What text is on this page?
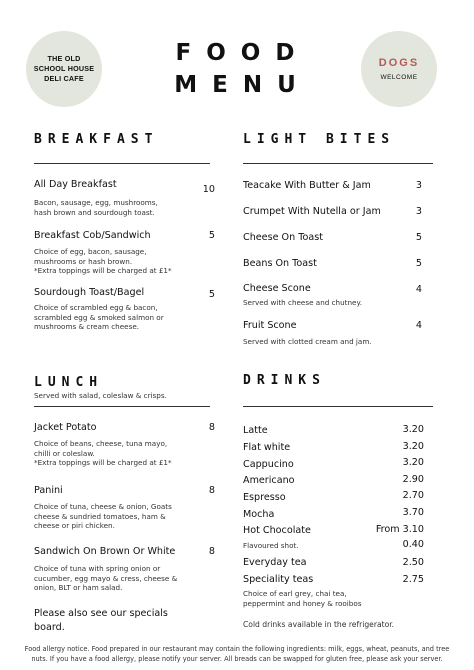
THE OLD
SCHOOL HOUSE
DELI CAFE
FOOD
MENU
DOGS
WELCOME
BREAKFAST
All Day Breakfast	10
Bacon, sausage, egg, mushrooms,
hash brown and sourdough toast.
Breakfast Cob/Sandwich	5
Choice of egg, bacon, sausage,
mushrooms or hash brown.
*Extra toppings will be charged at £1*
Sourdough Toast/Bagel	5
Choice of scrambled egg & bacon,
scrambled egg & smoked salmon or
mushrooms & cream cheese.
LIGHT BITES
Teacake With Butter & Jam	3
Crumpet With Nutella or Jam	3
Cheese On Toast	5
Beans On Toast	5
Cheese Scone	4
Served with cheese and chutney.
Fruit Scone	4
Served with clotted cream and jam.
LUNCH
Served with salad, coleslaw & crisps.
Jacket Potato	8
Choice of beans, cheese, tuna mayo,
chilli or coleslaw.
*Extra toppings will be charged at £1*
Panini	8
Choice of tuna, cheese & onion, Goats
cheese & sundried tomatoes, ham &
cheese or piri chicken.
Sandwich On Brown Or White	8
Choice of tuna with spring onion or
cucumber, egg mayo & cress, cheese &
onion, BLT or ham salad.
Please also see our specials
board.
DRINKS
Latte	3.20
Flat white	3.20
Cappucino	3.20
Americano	2.90
Espresso	2.70
Mocha	3.70
Hot Chocolate	From 3.10
Flavoured shot.	0.40
Everyday tea	2.50
Speciality teas	2.75
Choice of earl grey, chai tea,
peppermint and honey & rooibos
Cold drinks available in the refrigerator.
Food allergy notice. Food prepared in our restaurant may contain the following ingredients: milk, eggs, wheat, peanuts, and tree
nuts. If you have a food allergy, please notify your server. All breads can be swapped for gluten free, please ask your server.
